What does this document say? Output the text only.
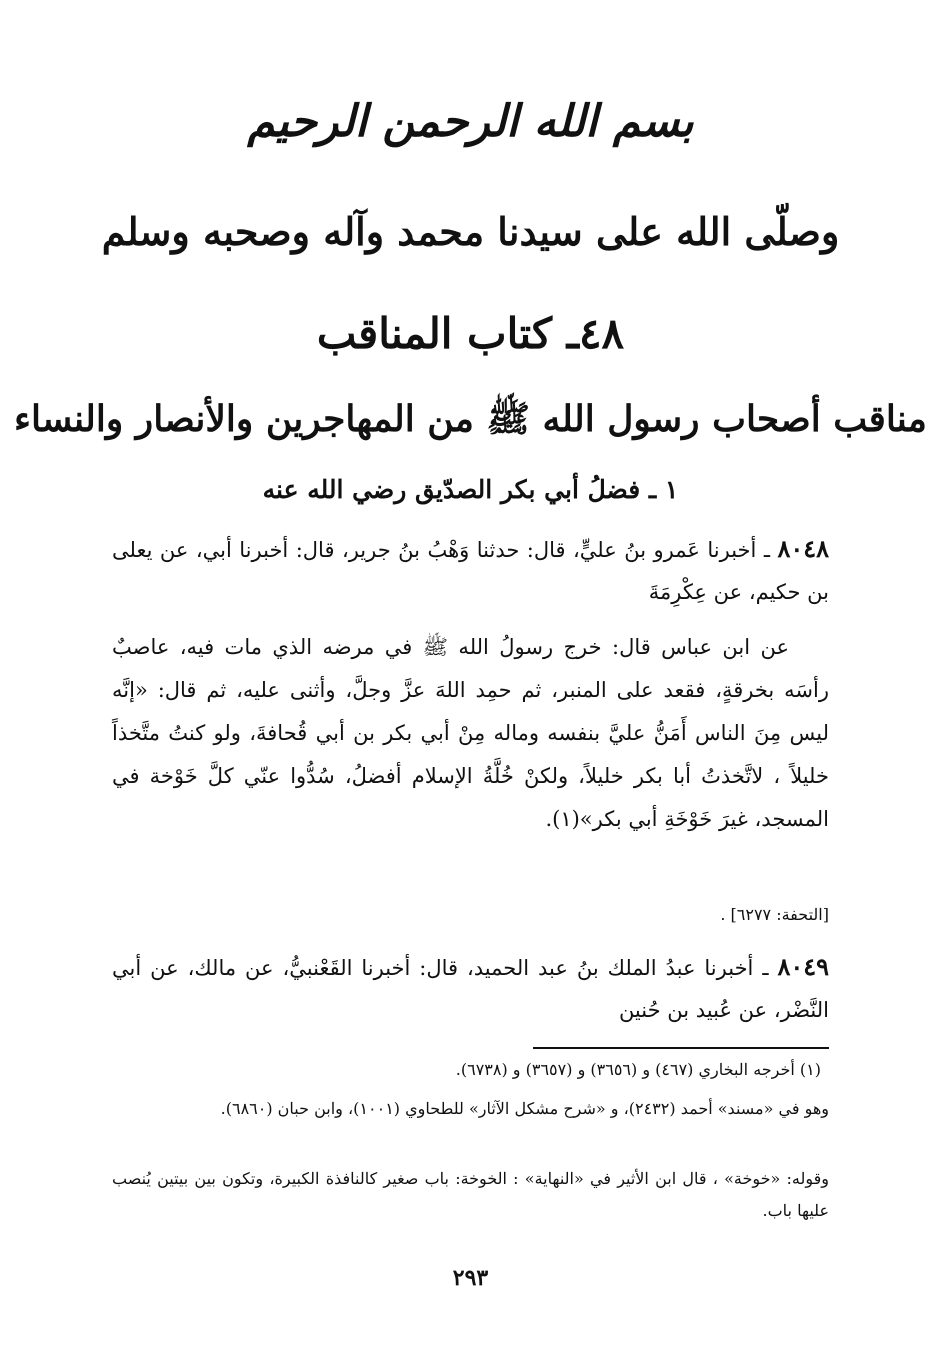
بسم الله الرحمن الرحيم
وصلّى الله على سيدنا محمد وآله وصحبه وسلم
٤٨ـ كتاب المناقب
مناقب أصحاب رسول الله ﷺ من المهاجرين والأنصار والنساء
١ ـ فضلُ أبي بكر الصدّيق رضي الله عنه
٨٠٤٨ ـ أخبرنا عَمرو بنُ عليٍّ، قال: حدثنا وَهْبُ بنُ جرير، قال: أخبرنا أبي، عن يعلى بن حكيم، عن عِكْرِمَةَ
عن ابن عباس قال: خرج رسولُ الله ﷺ في مرضه الذي مات فيه، عاصبٌ رأسَه بخرقةٍ، فقعد على المنبر، ثم حمِد اللهَ عزَّ وجلَّ، وأثنى عليه، ثم قال: «إنَّه ليس مِنَ الناس أَمَنُّ عليَّ بنفسه وماله مِنْ أبي بكر بن أبي قُحافةَ، ولو كنتُ متَّخذاً خليلاً ، لاتَّخذتُ أبا بكر خليلاً، ولكنْ خُلَّةُ الإسلام أفضلُ، سُدُّوا عنّي كلَّ خَوْخة في المسجد، غيرَ خَوْخَةِ أبي بكر»(١).
[التحفة: ٦٢٧٧] .
٨٠٤٩ ـ أخبرنا عبدُ الملك بنُ عبد الحميد، قال: أخبرنا القَعْنبيُّ، عن مالك، عن أبي النَّضْر، عن عُبيد بن حُنين
(١) أخرجه البخاري (٤٦٧) و (٣٦٥٦) و (٣٦٥٧) و (٦٧٣٨).
وهو في «مسند» أحمد (٢٤٣٢)، و «شرح مشكل الآثار» للطحاوي (١٠٠١)، وابن حبان (٦٨٦٠).
وقوله: «خوخة» ، قال ابن الأثير في «النهاية» : الخوخة: باب صغير كالنافذة الكبيرة، وتكون بين بيتين يُنصب عليها باب.
٢٩٣
